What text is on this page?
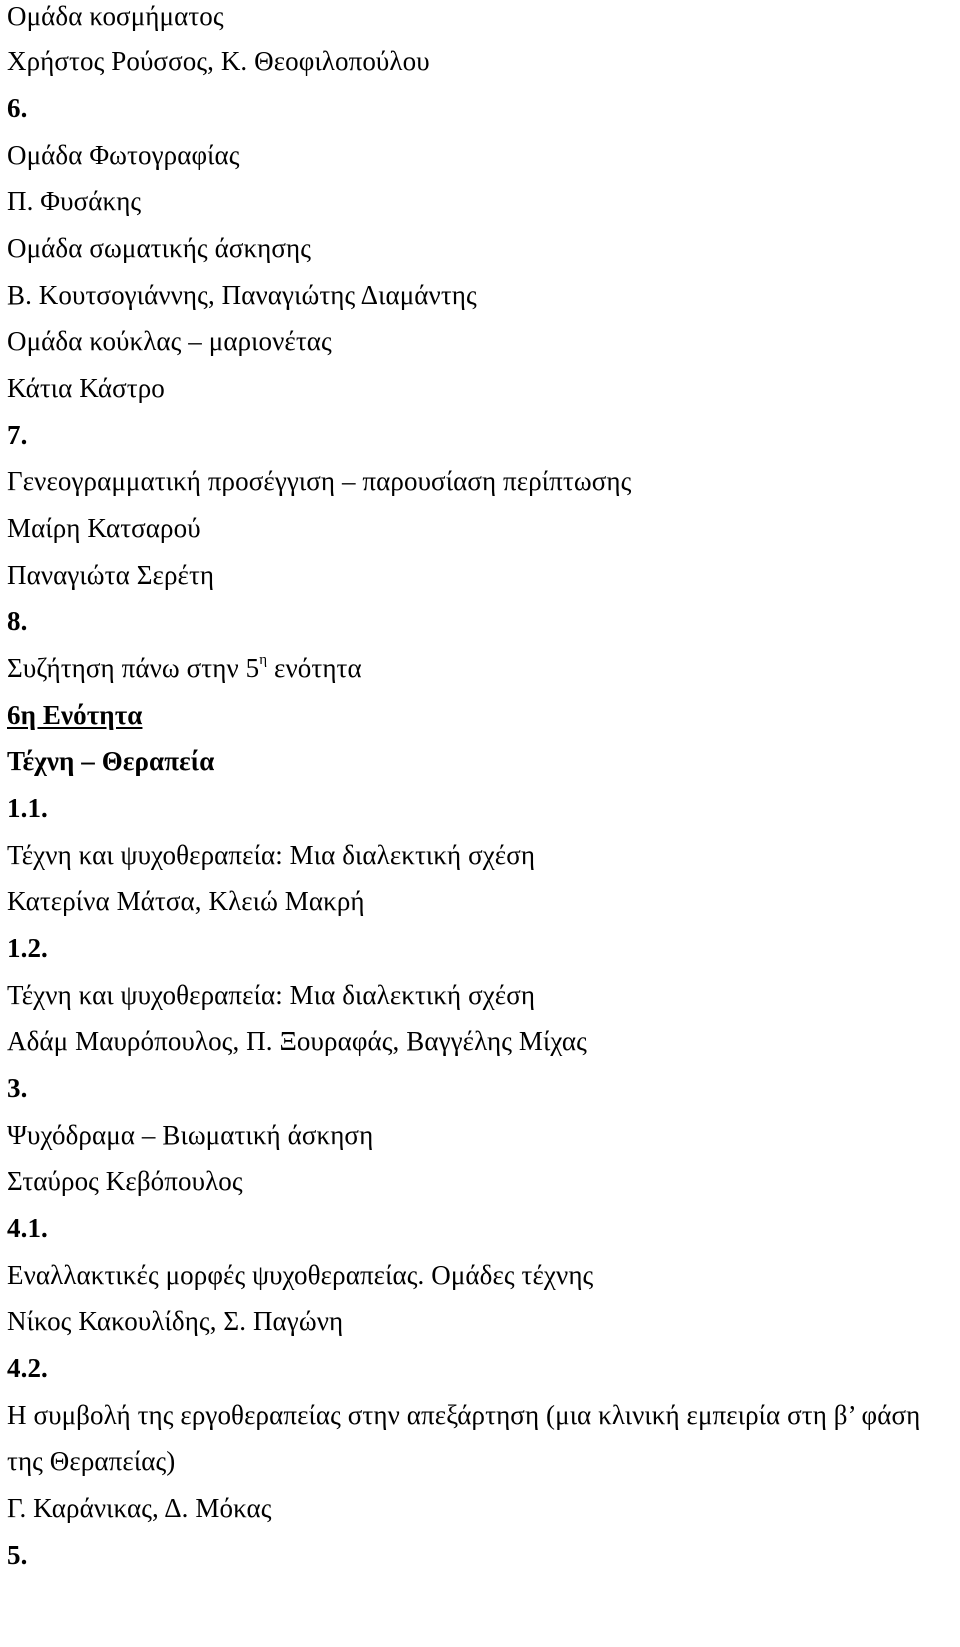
Ομάδα κοσμήματος
Χρήστος Ρούσσος, Κ. Θεοφιλοπούλου
6.
Ομάδα Φωτογραφίας
Π. Φυσάκης
Ομάδα σωματικής άσκησης
Β. Κουτσογιάννης, Παναγιώτης Διαμάντης
Ομάδα κούκλας – μαριονέτας
Κάτια Κάστρο
7.
Γενεογραμματική προσέγγιση – παρουσίαση περίπτωσης
Μαίρη Κατσαρού
Παναγιώτα Σερέτη
8.
Συζήτηση πάνω στην $5^\eta$ ενότητα
6η Ενότητα
Τέχνη – Θεραπεία
1.1.
Τέχνη και ψυχοθεραπεία: Μια διαλεκτική σχέση
Κατερίνα Μάτσα, Κλειώ Μακρή
1.2.
Τέχνη και ψυχοθεραπεία: Μια διαλεκτική σχέση
Αδάμ Μαυρόπουλος, Π. Ξουραφάς, Βαγγέλης Μίχας
3.
Ψυχόδραμα – Βιωματική άσκηση
Σταύρος Κεβόπουλος
4.1.
Εναλλακτικές μορφές ψυχοθεραπείας. Ομάδες τέχνης
Νίκος Κακουλίδης, Σ. Παγώνη
4.2.
Η συμβολή της εργοθεραπείας στην απεξάρτηση (μια κλινική εμπειρία στη β’ φάση
της Θεραπείας)
Γ. Καράνικας, Δ. Μόκας
5.
